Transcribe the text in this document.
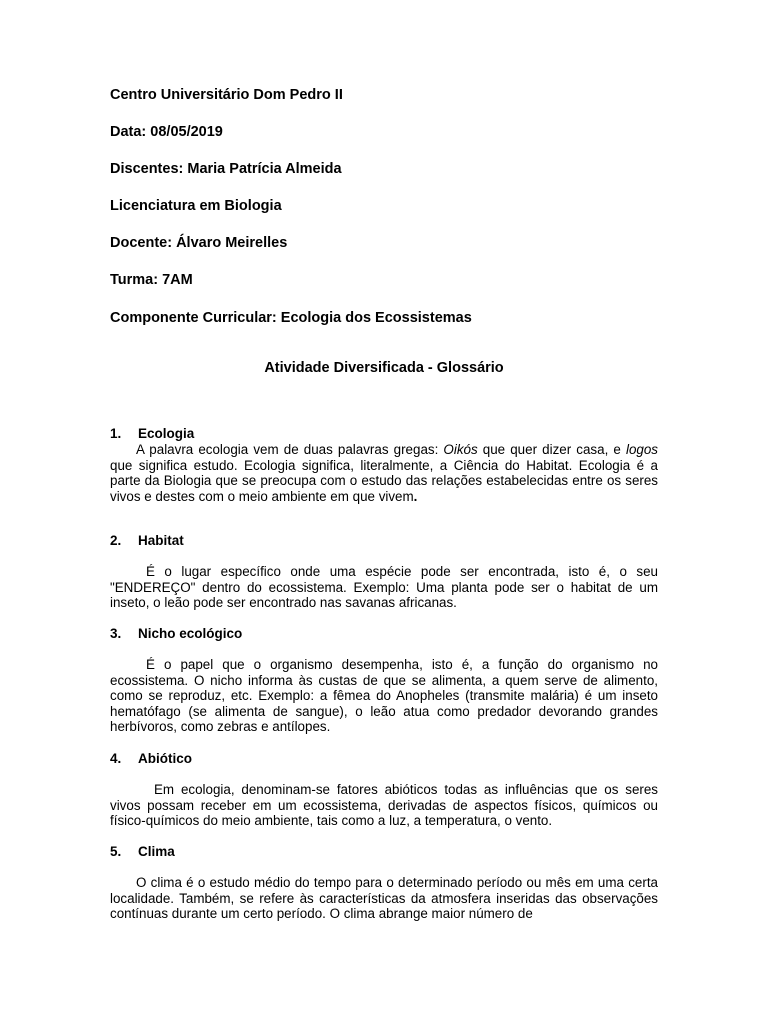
Centro Universitário Dom Pedro II
Data: 08/05/2019
Discentes: Maria Patrícia Almeida
Licenciatura em Biologia
Docente: Álvaro Meirelles
Turma: 7AM
Componente Curricular: Ecologia dos Ecossistemas
Atividade Diversificada - Glossário
1. Ecologia

A palavra ecologia vem de duas palavras gregas: Oikós que quer dizer casa, e logos que significa estudo. Ecologia significa, literalmente, a Ciência do Habitat. Ecologia é a parte da Biologia que se preocupa com o estudo das relações estabelecidas entre os seres vivos e destes com o meio ambiente em que vivem.

2. Habitat

É o lugar específico onde uma espécie pode ser encontrada, isto é, o seu "ENDEREÇO" dentro do ecossistema. Exemplo: Uma planta pode ser o habitat de um inseto, o leão pode ser encontrado nas savanas africanas.

3. Nicho ecológico

É o papel que o organismo desempenha, isto é, a função do organismo no ecossistema. O nicho informa às custas de que se alimenta, a quem serve de alimento, como se reproduz, etc. Exemplo: a fêmea do Anopheles (transmite malária) é um inseto hematófago (se alimenta de sangue), o leão atua como predador devorando grandes herbívoros, como zebras e antílopes.

4. Abiótico

Em ecologia, denominam-se fatores abióticos todas as influências que os seres vivos possam receber em um ecossistema, derivadas de aspectos físicos, químicos ou físico-químicos do meio ambiente, tais como a luz, a temperatura, o vento.

5. Clima

O clima é o estudo médio do tempo para o determinado período ou mês em uma certa localidade. Também, se refere às características da atmosfera inseridas das observações contínuas durante um certo período. O clima abrange maior número de
